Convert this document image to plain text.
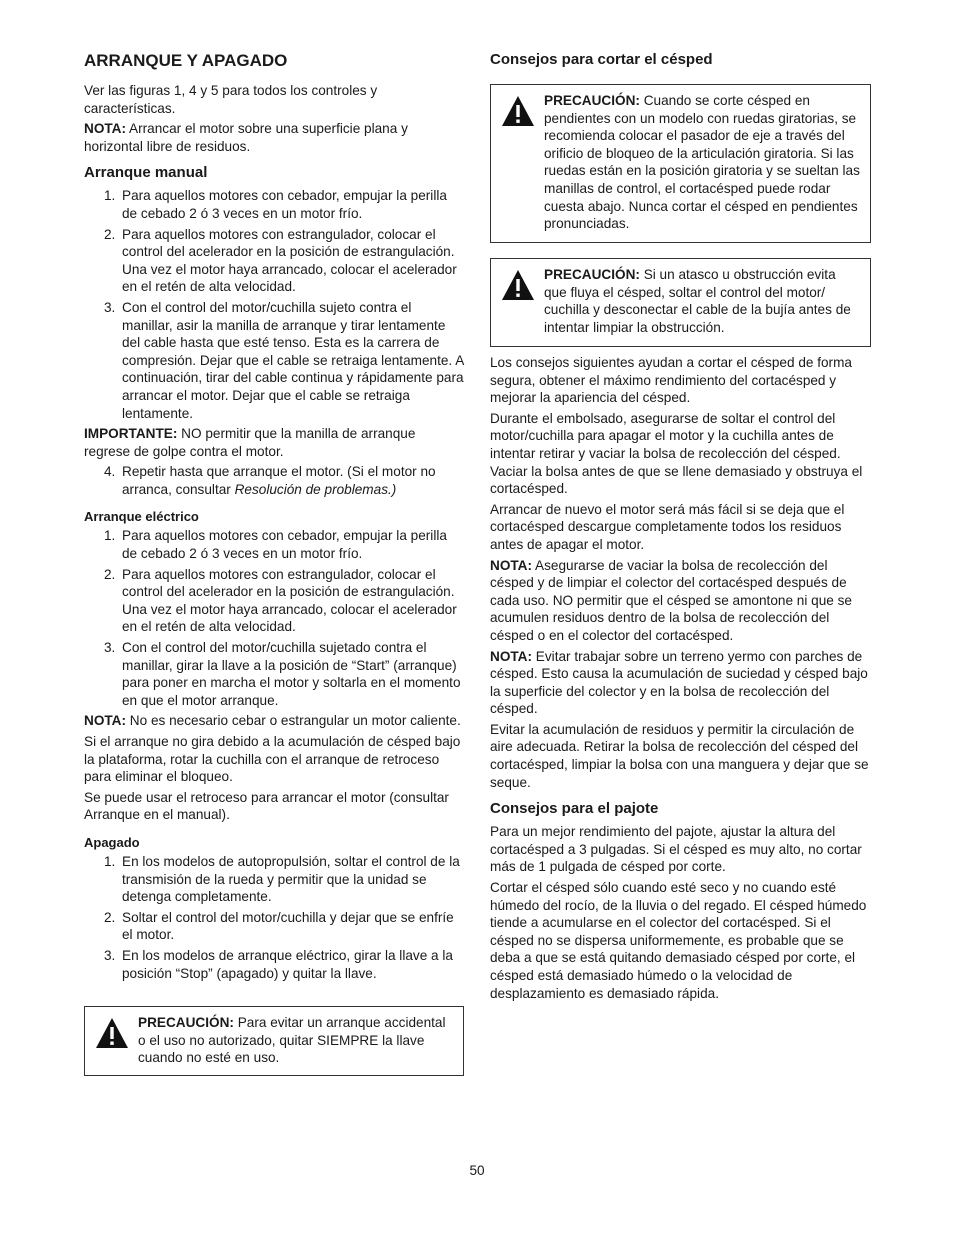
ARRANQUE Y APAGADO

Ver las figuras 1, 4 y 5 para todos los controles y características.

NOTA: Arrancar el motor sobre una superficie plana y horizontal libre de residuos.

Arranque manual
1. Para aquellos motores con cebador, empujar la perilla de cebado 2 ó 3 veces en un motor frío.
2. Para aquellos motores con estrangulador, colocar el control del acelerador en la posición de estrangulación. Una vez el motor haya arrancado, colocar el acelerador en el retén de alta velocidad.
3. Con el control del motor/cuchilla sujeto contra el manillar, asir la manilla de arranque y tirar lentamente del cable hasta que esté tenso. Esta es la carrera de compresión. Dejar que el cable se retraiga lentamente. A continuación, tirar del cable continua y rápidamente para arrancar el motor. Dejar que el cable se retraiga lentamente.

IMPORTANTE: NO permitir que la manilla de arranque regrese de golpe contra el motor.

4. Repetir hasta que arranque el motor. (Si el motor no arranca, consultar Resolución de problemas.)
Arranque eléctrico
1. Para aquellos motores con cebador, empujar la perilla de cebado 2 ó 3 veces en un motor frío.
2. Para aquellos motores con estrangulador, colocar el control del acelerador en la posición de estrangulación. Una vez el motor haya arrancado, colocar el acelerador en el retén de alta velocidad.
3. Con el control del motor/cuchilla sujetado contra el manillar, girar la llave a la posición de “Start” (arranque) para poner en marcha el motor y soltarla en el momento en que el motor arranque.

NOTA: No es necesario cebar o estrangular un motor caliente.

Si el arranque no gira debido a la acumulación de césped bajo la plataforma, rotar la cuchilla con el arranque de retroceso para eliminar el bloqueo.

Se puede usar el retroceso para arrancar el motor (consultar Arranque en el manual).

Apagado
1. En los modelos de autopropulsión, soltar el control de la transmisión de la rueda y permitir que la unidad se detenga completamente.
2. Soltar el control del motor/cuchilla y dejar que se enfríe el motor.
3. En los modelos de arranque eléctrico, girar la llave a la posición “Stop” (apagado) y quitar la llave.

PRECAUCIÓN: Para evitar un arranque accidental o el uso no autorizado, quitar SIEMPRE la llave cuando no esté en uso.

Consejos para cortar el césped

PRECAUCIÓN: Cuando se corte césped en pendientes con un modelo con ruedas giratorias, se recomienda colocar el pasador de eje a través del orificio de bloqueo de la articulación giratoria. Si las ruedas están en la posición giratoria y se sueltan las manillas de control, el cortacésped puede rodar cuesta abajo. Nunca cortar el césped en pendientes pronunciadas.

PRECAUCIÓN: Si un atasco u obstrucción evita que fluya el césped, soltar el control del motor/ cuchilla y desconectar el cable de la bujía antes de intentar limpiar la obstrucción.

Los consejos siguientes ayudan a cortar el césped de forma segura, obtener el máximo rendimiento del cortacésped y mejorar la apariencia del césped.

Durante el embolsado, asegurarse de soltar el control del motor/cuchilla para apagar el motor y la cuchilla antes de intentar retirar y vaciar la bolsa de recolección del césped. Vaciar la bolsa antes de que se llene demasiado y obstruya el cortacésped.

Arrancar de nuevo el motor será más fácil si se deja que el cortacésped descargue completamente todos los residuos antes de apagar el motor.

NOTA: Asegurarse de vaciar la bolsa de recolección del césped y de limpiar el colector del cortacésped después de cada uso. NO permitir que el césped se amontone ni que se acumulen residuos dentro de la bolsa de recolección del césped o en el colector del cortacésped.

NOTA: Evitar trabajar sobre un terreno yermo con parches de césped. Esto causa la acumulación de suciedad y césped bajo la superficie del colector y en la bolsa de recolección del césped.

Evitar la acumulación de residuos y permitir la circulación de aire adecuada. Retirar la bolsa de recolección del césped del cortacésped, limpiar la bolsa con una manguera y dejar que se seque.

Consejos para el pajote

Para un mejor rendimiento del pajote, ajustar la altura del cortacésped a 3 pulgadas. Si el césped es muy alto, no cortar más de 1 pulgada de césped por corte.

Cortar el césped sólo cuando esté seco y no cuando esté húmedo del rocío, de la lluvia o del regado. El césped húmedo tiende a acumularse en el colector del cortacésped. Si el césped no se dispersa uniformemente, es probable que se deba a que se está quitando demasiado césped por corte, el césped está demasiado húmedo o la velocidad de desplazamiento es demasiado rápida.

50
